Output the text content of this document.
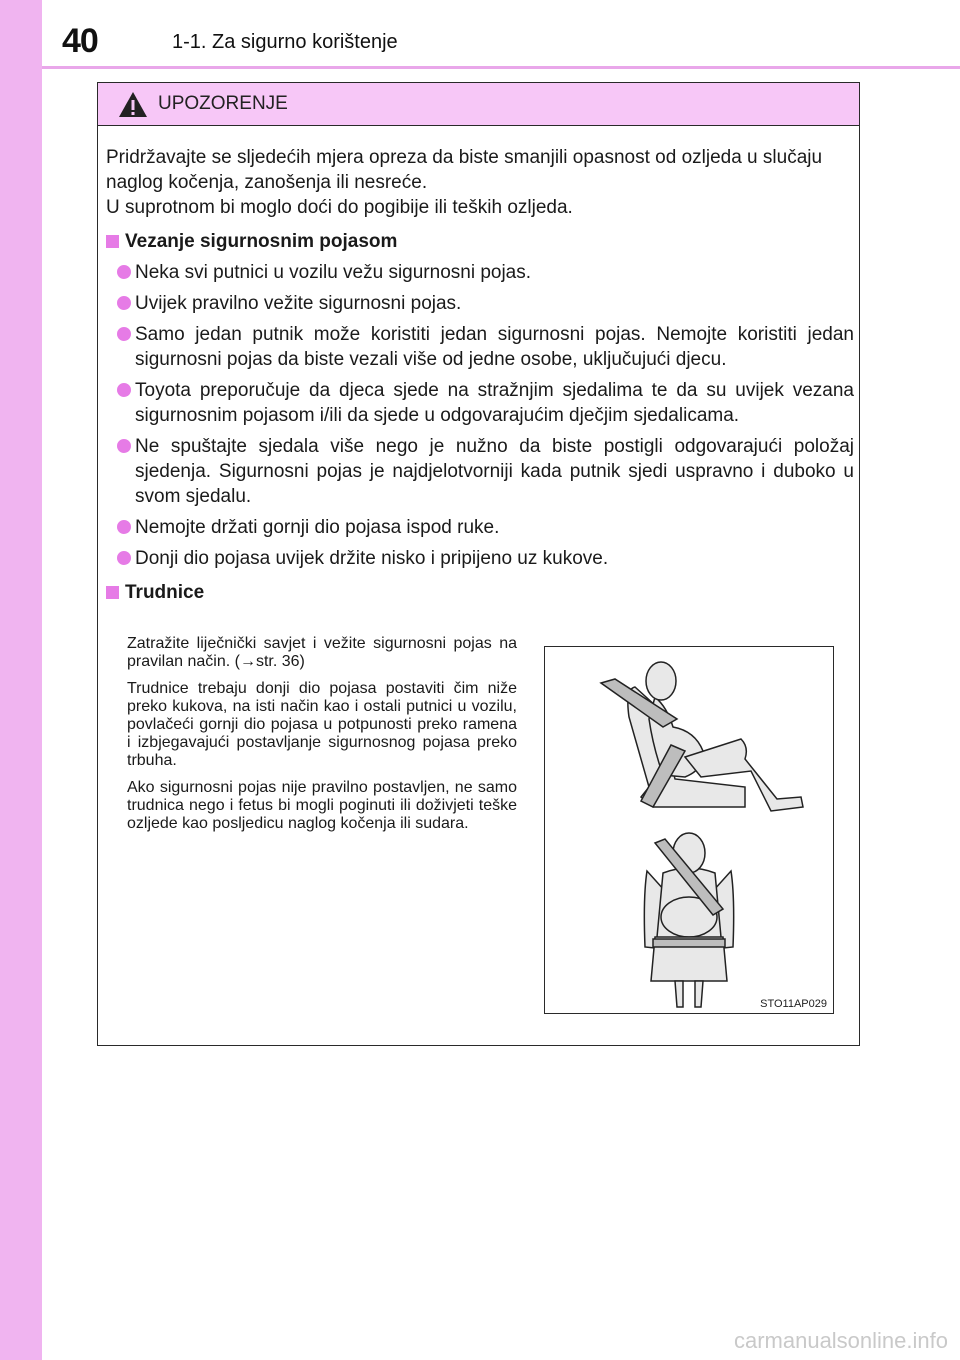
40	1-1. Za sigurno korištenje
UPOZORENJE

Pridržavajte se sljedećih mjera opreza da biste smanjili opasnost od ozljeda u slučaju naglog kočenja, zanošenja ili nesreće.

U suprotnom bi moglo doći do pogibije ili teških ozljeda.

Vezanje sigurnosnim pojasom
Neka svi putnici u vozilu vežu sigurnosni pojas.
Uvijek pravilno vežite sigurnosni pojas.
Samo jedan putnik može koristiti jedan sigurnosni pojas. Nemojte koristiti jedan sigurnosni pojas da biste vezali više od jedne osobe, uključujući djecu.
Toyota preporučuje da djeca sjede na stražnjim sjedalima te da su uvijek vezana sigurnosnim pojasom i/ili da sjede u odgovarajućim dječjim sjedalicama.
Ne spuštajte sjedala više nego je nužno da biste postigli odgovarajući položaj sjedenja. Sigurnosni pojas je najdjelotvorniji kada putnik sjedi uspravno i duboko u svom sjedalu.
Nemojte držati gornji dio pojasa ispod ruke.
Donji dio pojasa uvijek držite nisko i pripijeno uz kukove.
Trudnice

Zatražite liječnički savjet i vežite sigurnosni pojas na pravilan način. (→str. 36)

Trudnice trebaju donji dio pojasa postaviti čim niže preko kukova, na isti način kao i ostali putnici u vozilu, povlačeći gornji dio pojasa u potpunosti preko ramena i izbjegavajući postavljanje sigurnosnog pojasa preko trbuha.

Ako sigurnosni pojas nije pravilno postavljen, ne samo trudnica nego i fetus bi mogli poginuti ili doživjeti teške ozljede kao posljedicu naglog kočenja ili sudara.

STO11AP029
carmanualsonline.info
